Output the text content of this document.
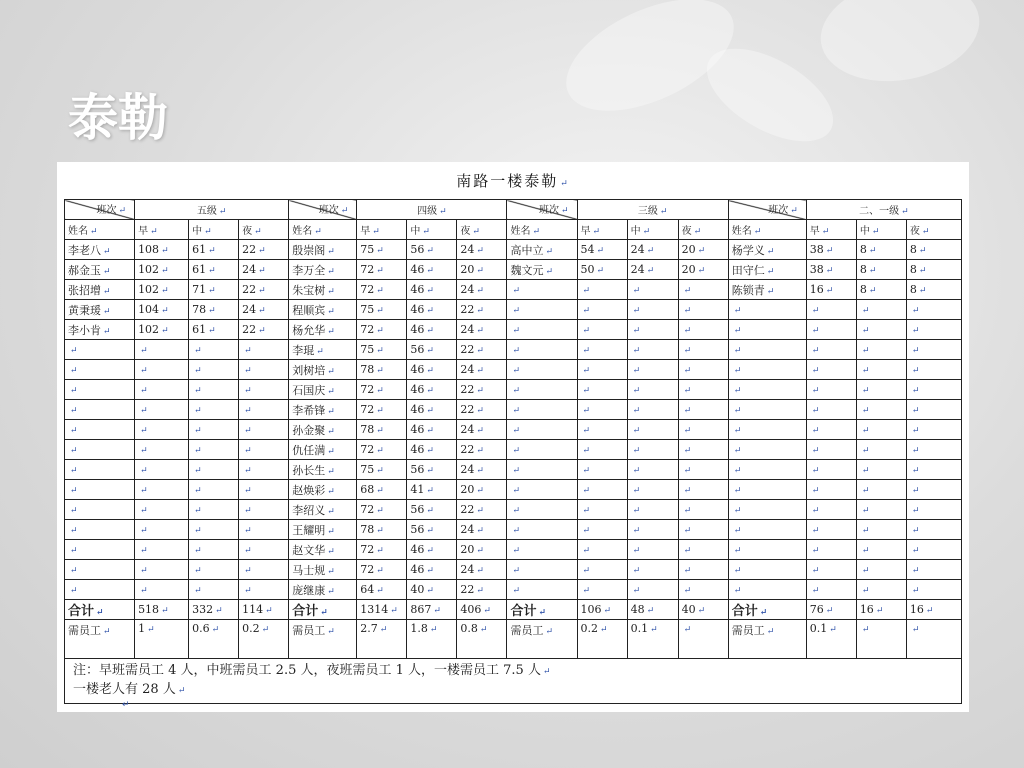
泰勒
南路一楼泰勒 ↵
班次 ↵	五级 ↵			班次 ↵	四级 ↵			班次 ↵	三级 ↵			班次 ↵	二、一级 ↵		
姓名 ↵	早 ↵	中 ↵	夜 ↵	姓名 ↵	早 ↵	中 ↵	夜 ↵	姓名 ↵	早 ↵	中 ↵	夜 ↵	姓名 ↵	早 ↵	中 ↵	夜 ↵
李老八 ↵	108 ↵	61 ↵	22 ↵	殷崇阁 ↵	75 ↵	56 ↵	24 ↵	高中立 ↵	54 ↵	24 ↵	20 ↵	杨学义 ↵	38 ↵	8 ↵	8 ↵
郝金玉 ↵	102 ↵	61 ↵	24 ↵	李万全 ↵	72 ↵	46 ↵	20 ↵	魏文元 ↵	50 ↵	24 ↵	20 ↵	田守仁 ↵	38 ↵	8 ↵	8 ↵
张招增 ↵	102 ↵	71 ↵	22 ↵	朱宝树 ↵	72 ↵	46 ↵	24 ↵	↵	↵	↵	↵	陈锁青 ↵	16 ↵	8 ↵	8 ↵
黄秉瑗 ↵	104 ↵	78 ↵	24 ↵	程顺宾 ↵	75 ↵	46 ↵	22 ↵	↵	↵	↵	↵	↵	↵	↵	↵
李小肯 ↵	102 ↵	61 ↵	22 ↵	杨允华 ↵	72 ↵	46 ↵	24 ↵	↵	↵	↵	↵	↵	↵	↵	↵
↵	↵	↵	↵	李琨 ↵	75 ↵	56 ↵	22 ↵	↵	↵	↵	↵	↵	↵	↵	↵
↵	↵	↵	↵	刘树培 ↵	78 ↵	46 ↵	24 ↵	↵	↵	↵	↵	↵	↵	↵	↵
↵	↵	↵	↵	石国庆 ↵	72 ↵	46 ↵	22 ↵	↵	↵	↵	↵	↵	↵	↵	↵
↵	↵	↵	↵	李希锋 ↵	72 ↵	46 ↵	22 ↵	↵	↵	↵	↵	↵	↵	↵	↵
↵	↵	↵	↵	孙金聚 ↵	78 ↵	46 ↵	24 ↵	↵	↵	↵	↵	↵	↵	↵	↵
↵	↵	↵	↵	仇任满 ↵	72 ↵	46 ↵	22 ↵	↵	↵	↵	↵	↵	↵	↵	↵
↵	↵	↵	↵	孙长生 ↵	75 ↵	56 ↵	24 ↵	↵	↵	↵	↵	↵	↵	↵	↵
↵	↵	↵	↵	赵焕彩 ↵	68 ↵	41 ↵	20 ↵	↵	↵	↵	↵	↵	↵	↵	↵
↵	↵	↵	↵	李绍义 ↵	72 ↵	56 ↵	22 ↵	↵	↵	↵	↵	↵	↵	↵	↵
↵	↵	↵	↵	王耀明 ↵	78 ↵	56 ↵	24 ↵	↵	↵	↵	↵	↵	↵	↵	↵
↵	↵	↵	↵	赵文华 ↵	72 ↵	46 ↵	20 ↵	↵	↵	↵	↵	↵	↵	↵	↵
↵	↵	↵	↵	马士规 ↵	72 ↵	46 ↵	24 ↵	↵	↵	↵	↵	↵	↵	↵	↵
↵	↵	↵	↵	庞继康 ↵	64 ↵	40 ↵	22 ↵	↵	↵	↵	↵	↵	↵	↵	↵
合计 ↵	518 ↵	332 ↵	114 ↵	合计 ↵	1314 ↵	867 ↵	406 ↵	合计 ↵	106 ↵	48 ↵	40 ↵	合计 ↵	76 ↵	16 ↵	16 ↵
需员工 ↵	1 ↵	0.6 ↵	0.2 ↵	需员工 ↵	2.7 ↵	1.8 ↵	0.8 ↵	需员工 ↵	0.2 ↵	0.1 ↵	↵	需员工 ↵	0.1 ↵	↵	↵

注：早班需员工 4 人，中班需员工 2.5 人，夜班需员工 1 人，一楼需员工 7.5 人 ↵
一楼老人有 28 人 ↵															
↵
